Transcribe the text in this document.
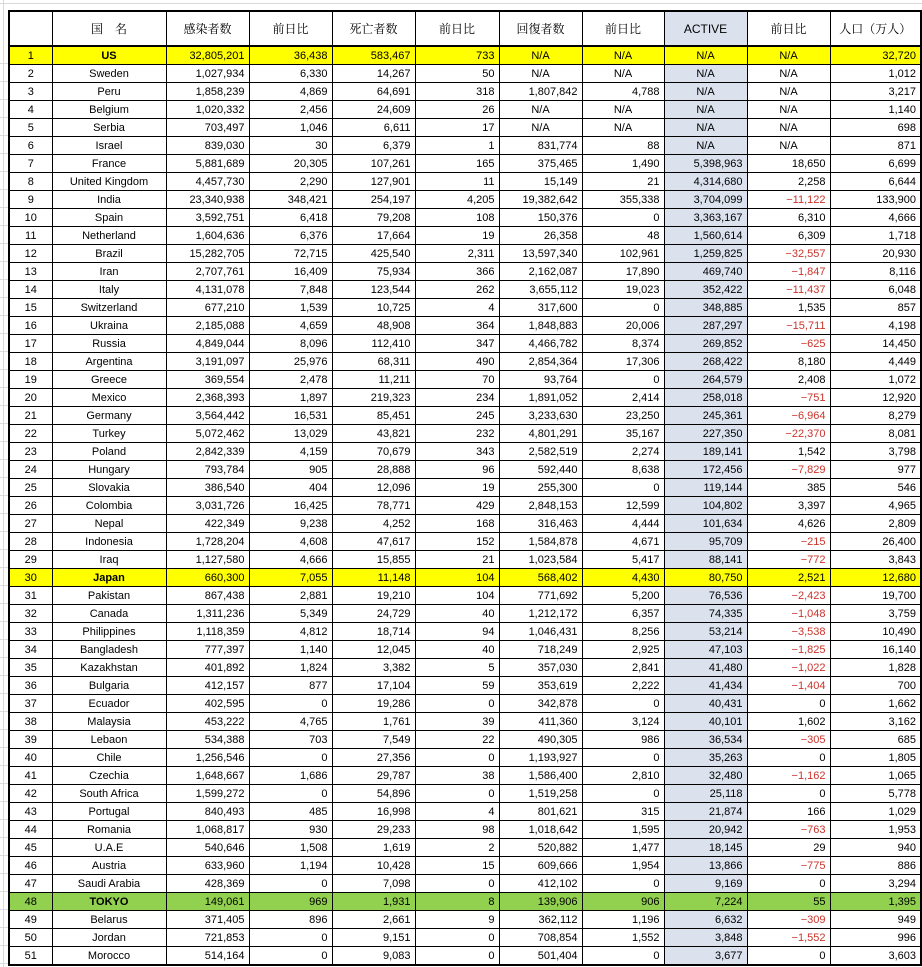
	国　名	感染者数	前日比	死亡者数	前日比	回復者数	前日比	ACTIVE	前日比	人口（万人）
1	US	32,805,201	36,438	583,467	733	N/A	N/A	N/A	N/A	32,720
2	Sweden	1,027,934	6,330	14,267	50	N/A	N/A	N/A	N/A	1,012
3	Peru	1,858,239	4,869	64,691	318	1,807,842	4,788	N/A	N/A	3,217
4	Belgium	1,020,332	2,456	24,609	26	N/A	N/A	N/A	N/A	1,140
5	Serbia	703,497	1,046	6,611	17	N/A	N/A	N/A	N/A	698
6	Israel	839,030	30	6,379	1	831,774	88	N/A	N/A	871
7	France	5,881,689	20,305	107,261	165	375,465	1,490	5,398,963	18,650	6,699
8	United Kingdom	4,457,730	2,290	127,901	11	15,149	21	4,314,680	2,258	6,644
9	India	23,340,938	348,421	254,197	4,205	19,382,642	355,338	3,704,099	−11,122	133,900
10	Spain	3,592,751	6,418	79,208	108	150,376	0	3,363,167	6,310	4,666
11	Netherland	1,604,636	6,376	17,664	19	26,358	48	1,560,614	6,309	1,718
12	Brazil	15,282,705	72,715	425,540	2,311	13,597,340	102,961	1,259,825	−32,557	20,930
13	Iran	2,707,761	16,409	75,934	366	2,162,087	17,890	469,740	−1,847	8,116
14	Italy	4,131,078	7,848	123,544	262	3,655,112	19,023	352,422	−11,437	6,048
15	Switzerland	677,210	1,539	10,725	4	317,600	0	348,885	1,535	857
16	Ukraina	2,185,088	4,659	48,908	364	1,848,883	20,006	287,297	−15,711	4,198
17	Russia	4,849,044	8,096	112,410	347	4,466,782	8,374	269,852	−625	14,450
18	Argentina	3,191,097	25,976	68,311	490	2,854,364	17,306	268,422	8,180	4,449
19	Greece	369,554	2,478	11,211	70	93,764	0	264,579	2,408	1,072
20	Mexico	2,368,393	1,897	219,323	234	1,891,052	2,414	258,018	−751	12,920
21	Germany	3,564,442	16,531	85,451	245	3,233,630	23,250	245,361	−6,964	8,279
22	Turkey	5,072,462	13,029	43,821	232	4,801,291	35,167	227,350	−22,370	8,081
23	Poland	2,842,339	4,159	70,679	343	2,582,519	2,274	189,141	1,542	3,798
24	Hungary	793,784	905	28,888	96	592,440	8,638	172,456	−7,829	977
25	Slovakia	386,540	404	12,096	19	255,300	0	119,144	385	546
26	Colombia	3,031,726	16,425	78,771	429	2,848,153	12,599	104,802	3,397	4,965
27	Nepal	422,349	9,238	4,252	168	316,463	4,444	101,634	4,626	2,809
28	Indonesia	1,728,204	4,608	47,617	152	1,584,878	4,671	95,709	−215	26,400
29	Iraq	1,127,580	4,666	15,855	21	1,023,584	5,417	88,141	−772	3,843
30	Japan	660,300	7,055	11,148	104	568,402	4,430	80,750	2,521	12,680
31	Pakistan	867,438	2,881	19,210	104	771,692	5,200	76,536	−2,423	19,700
32	Canada	1,311,236	5,349	24,729	40	1,212,172	6,357	74,335	−1,048	3,759
33	Philippines	1,118,359	4,812	18,714	94	1,046,431	8,256	53,214	−3,538	10,490
34	Bangladesh	777,397	1,140	12,045	40	718,249	2,925	47,103	−1,825	16,140
35	Kazakhstan	401,892	1,824	3,382	5	357,030	2,841	41,480	−1,022	1,828
36	Bulgaria	412,157	877	17,104	59	353,619	2,222	41,434	−1,404	700
37	Ecuador	402,595	0	19,286	0	342,878	0	40,431	0	1,662
38	Malaysia	453,222	4,765	1,761	39	411,360	3,124	40,101	1,602	3,162
39	Lebaon	534,388	703	7,549	22	490,305	986	36,534	−305	685
40	Chile	1,256,546	0	27,356	0	1,193,927	0	35,263	0	1,805
41	Czechia	1,648,667	1,686	29,787	38	1,586,400	2,810	32,480	−1,162	1,065
42	South Africa	1,599,272	0	54,896	0	1,519,258	0	25,118	0	5,778
43	Portugal	840,493	485	16,998	4	801,621	315	21,874	166	1,029
44	Romania	1,068,817	930	29,233	98	1,018,642	1,595	20,942	−763	1,953
45	U.A.E	540,646	1,508	1,619	2	520,882	1,477	18,145	29	940
46	Austria	633,960	1,194	10,428	15	609,666	1,954	13,866	−775	886
47	Saudi Arabia	428,369	0	7,098	0	412,102	0	9,169	0	3,294
48	TOKYO	149,061	969	1,931	8	139,906	906	7,224	55	1,395
49	Belarus	371,405	896	2,661	9	362,112	1,196	6,632	−309	949
50	Jordan	721,853	0	9,151	0	708,854	1,552	3,848	−1,552	996
51	Morocco	514,164	0	9,083	0	501,404	0	3,677	0	3,603
